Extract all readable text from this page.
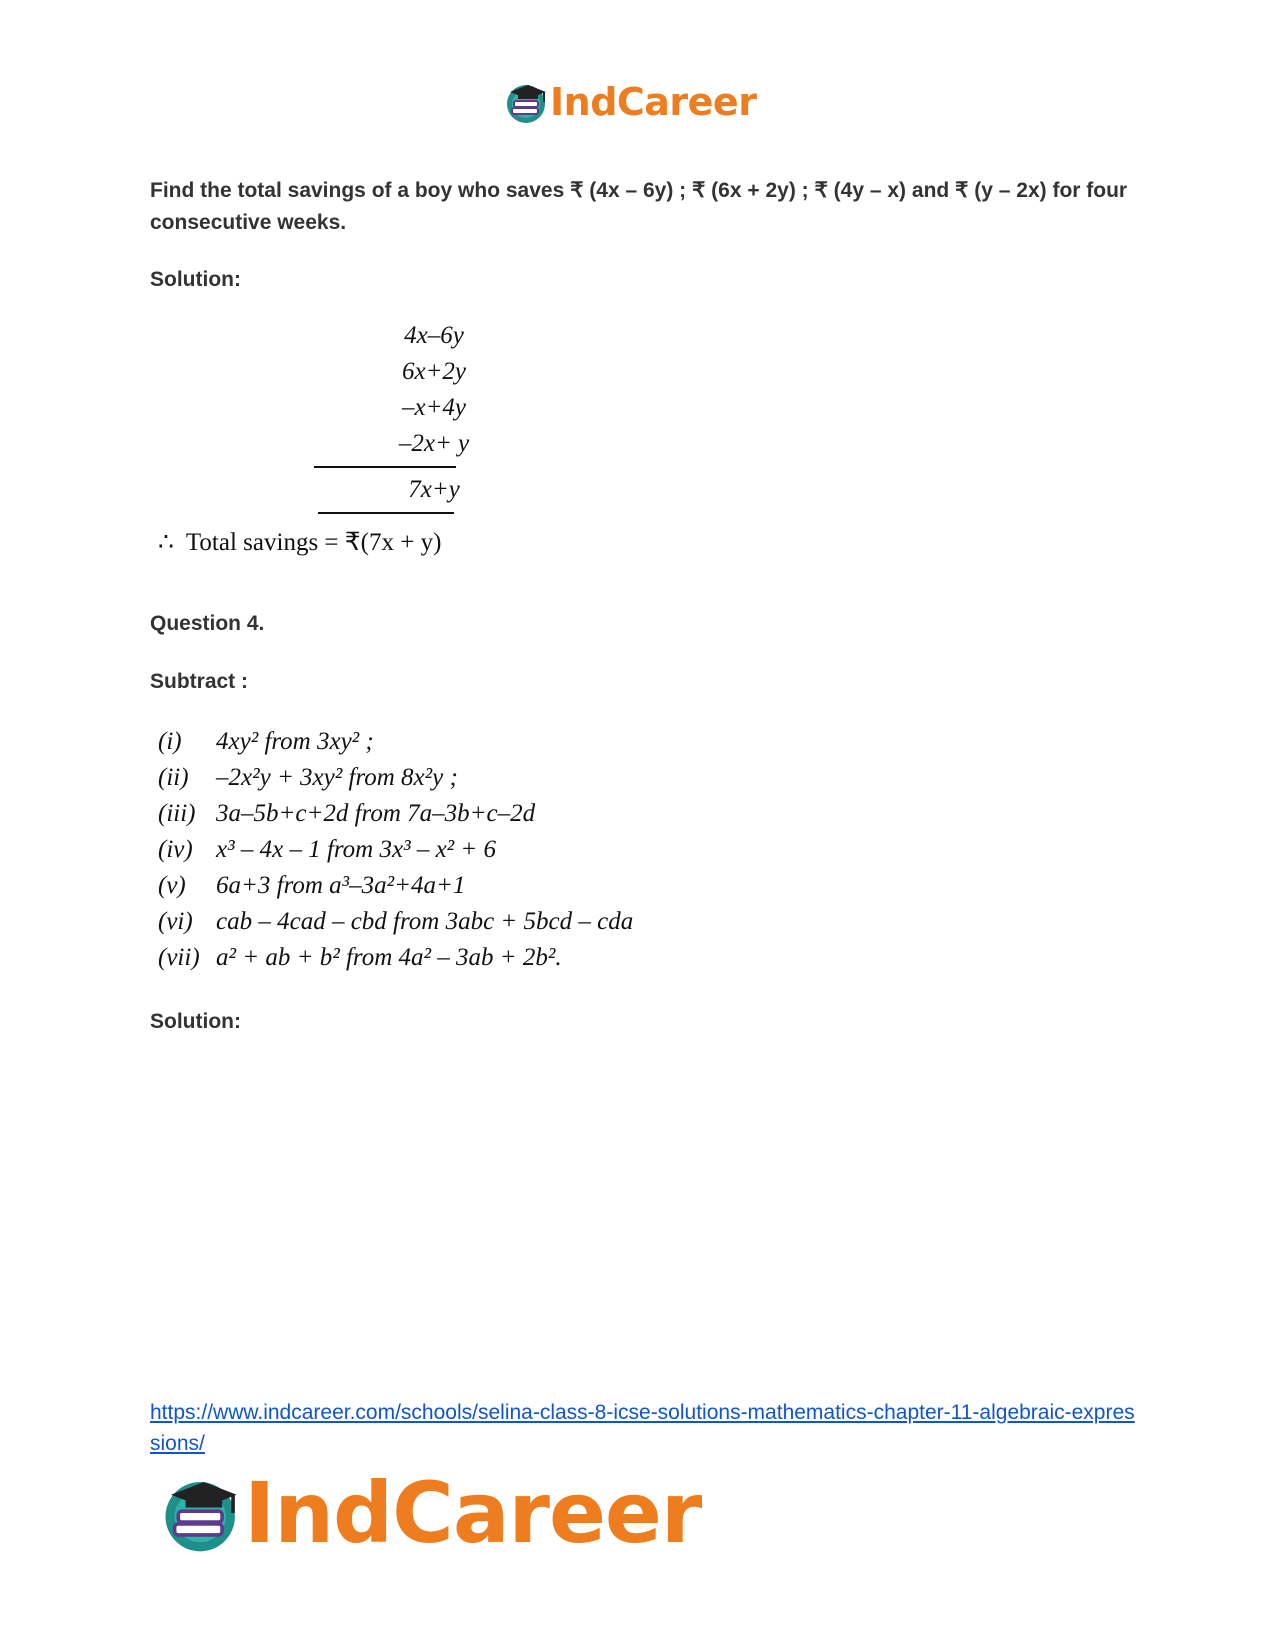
IndCareer
Find the total savings of a boy who saves ₹ (4x – 6y) ; ₹ (6x + 2y) ; ₹ (4y – x) and ₹ (y – 2x) for four consecutive weeks.
Solution:
4x–6y
6x+2y
–x+4y
–2x+ y
7x+y
∴ Total savings = ₹(7x + y)
Question 4.
Subtract :
(i) 4xy² from 3xy² ;
(ii) –2x²y + 3xy² from 8x²y ;
(iii) 3a–5b+c+2d from 7a–3b+c–2d
(iv) x³ – 4x – 1 from 3x³ – x² + 6
(v) 6a+3 from a³–3a²+4a+1
(vi) cab – 4cad – cbd from 3abc + 5bcd – cda
(vii) a² + ab + b² from 4a² – 3ab + 2b².
Solution:
https://www.indcareer.com/schools/selina-class-8-icse-solutions-mathematics-chapter-11-algebraic-expressions/
IndCareer
